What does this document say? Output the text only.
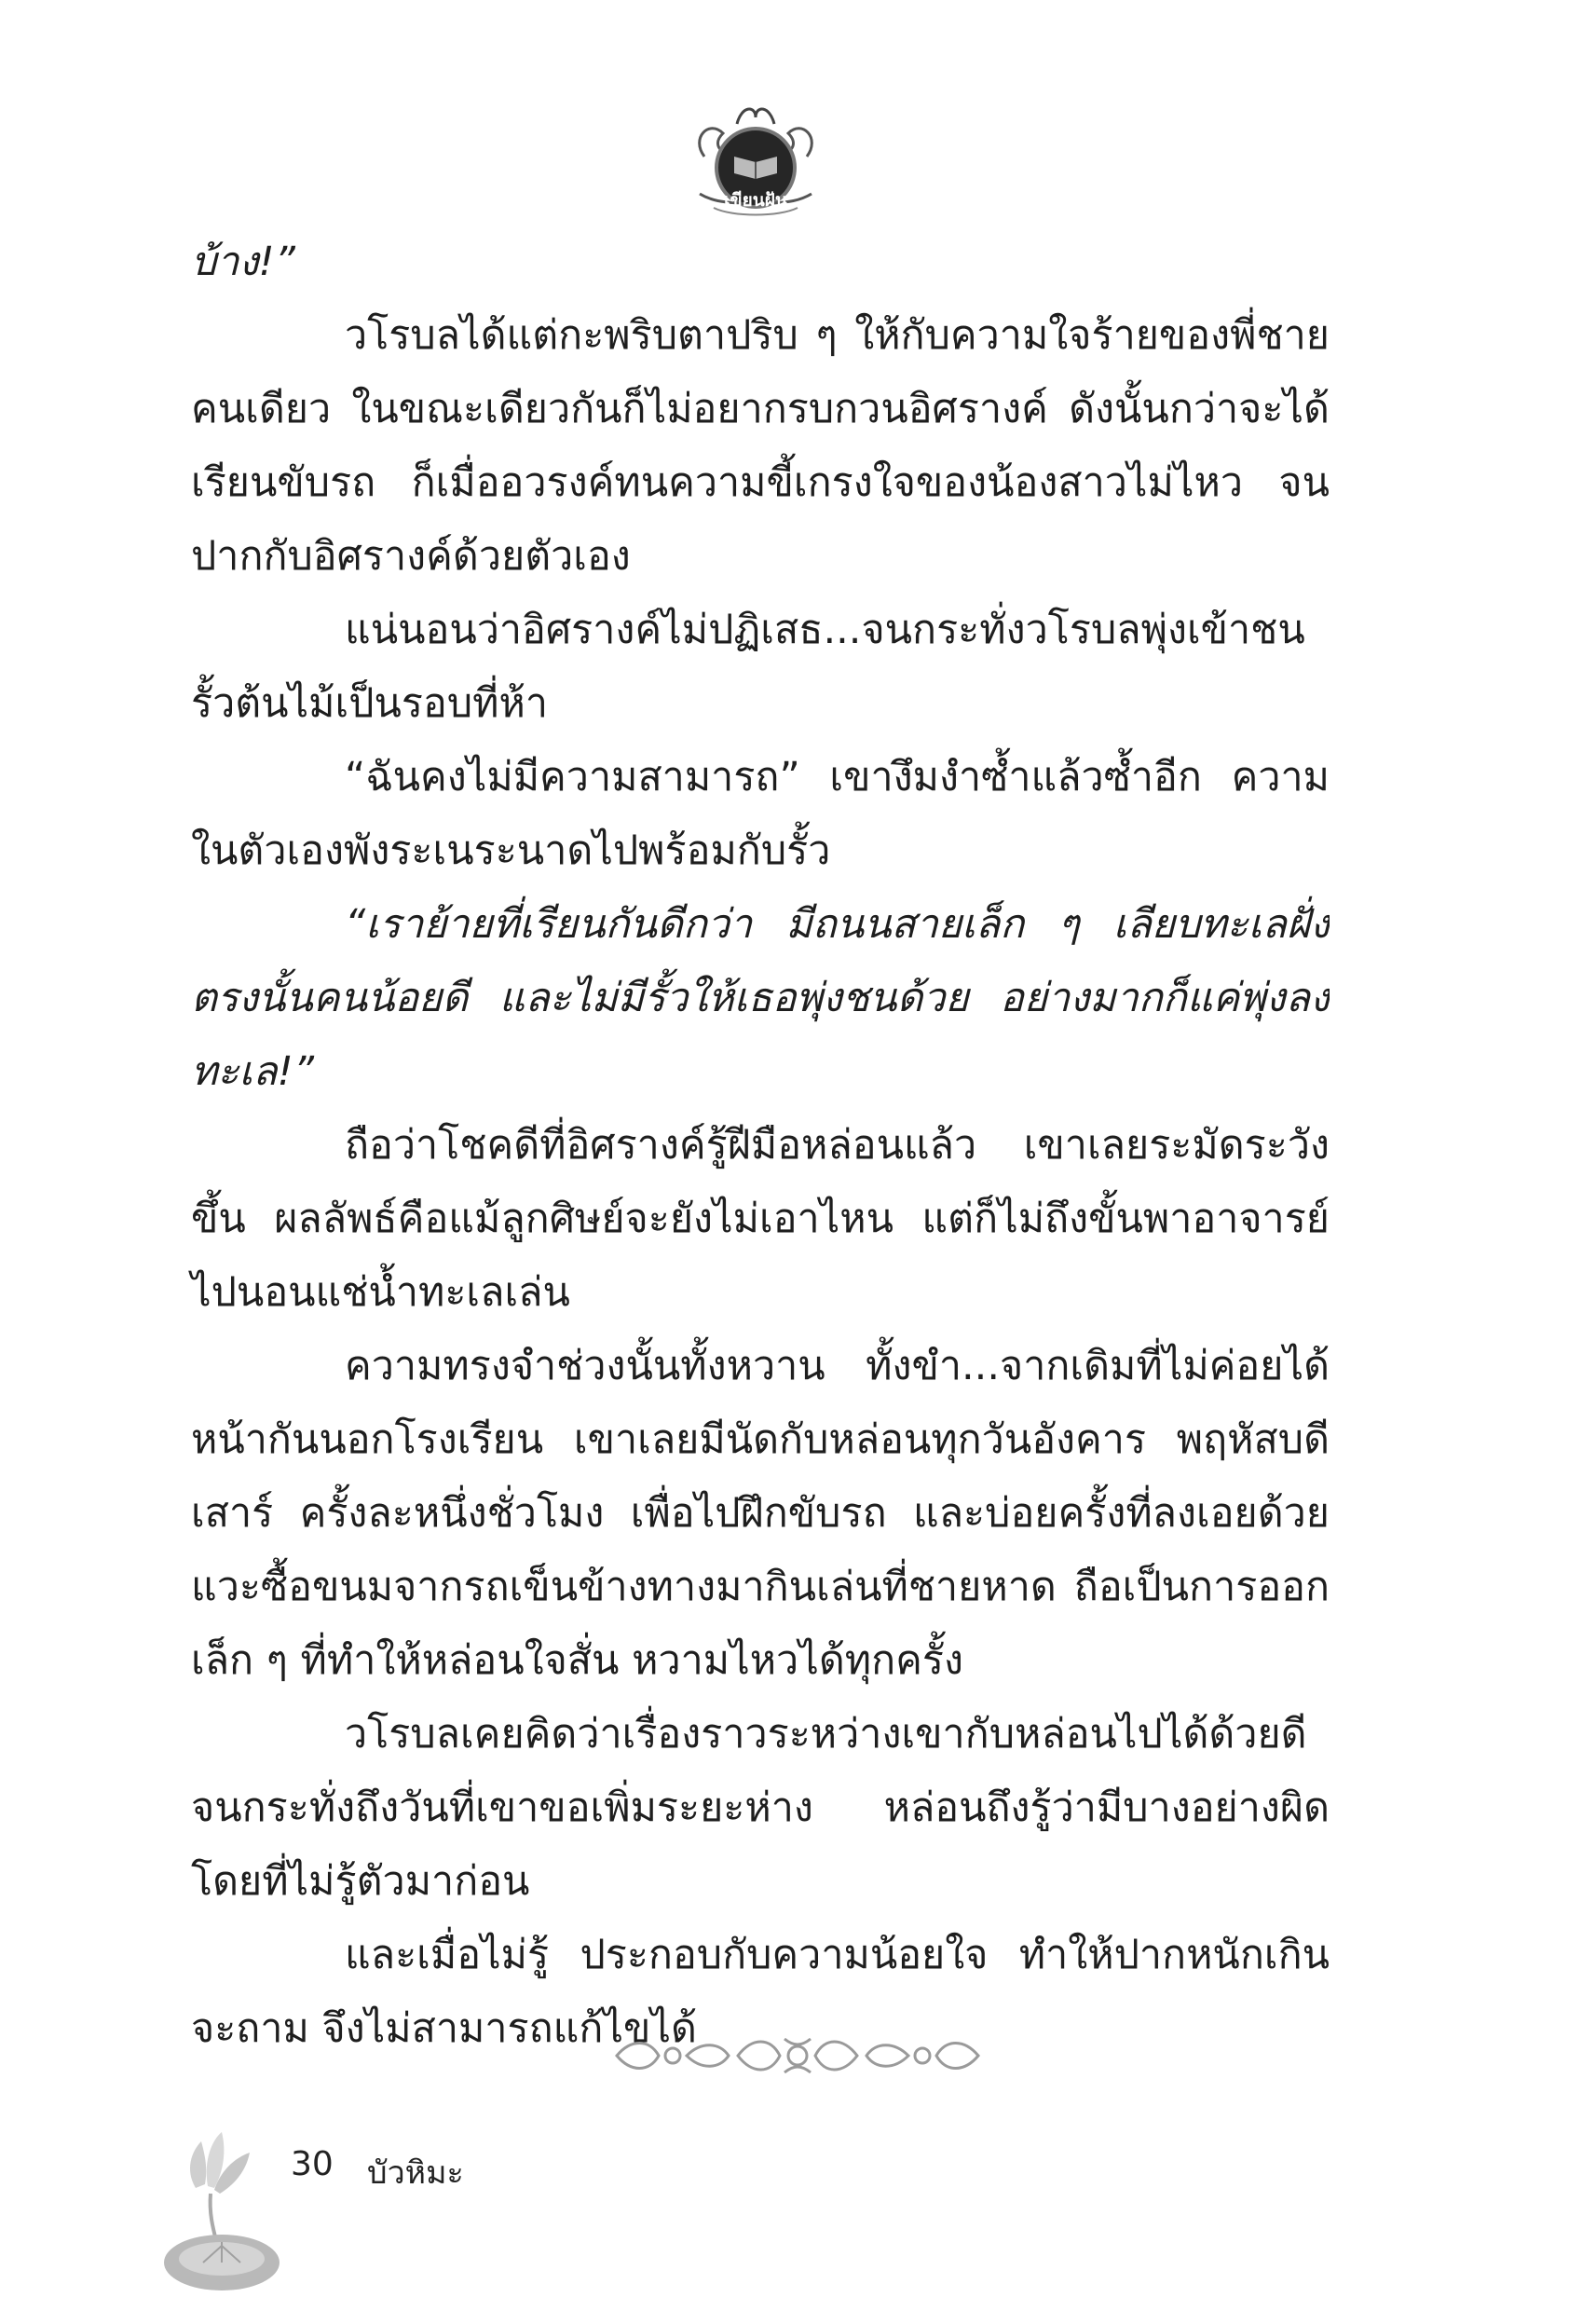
เขียนฝัน
บ้าง!”
วโรบลได้แต่กะพริบตาปริบ ๆ ให้กับความใจร้ายของพี่ชาย
คนเดียว ในขณะเดียวกันก็ไม่อยากรบกวนอิศรางค์ ดังนั้นกว่าจะได้
เรียนขับรถ ก็เมื่ออวรงค์ทนความขี้เกรงใจของน้องสาวไม่ไหว จน
ปากกับอิศรางค์ด้วยตัวเอง
แน่นอนว่าอิศรางค์ไม่ปฏิเสธ...จนกระทั่งวโรบลพุ่งเข้าชน
รั้วต้นไม้เป็นรอบที่ห้า
“ฉันคงไม่มีความสามารถ” เขางึมงำซ้ำแล้วซ้ำอีก ความ
ในตัวเองพังระเนระนาดไปพร้อมกับรั้ว
“เราย้ายที่เรียนกันดีกว่า มีถนนสายเล็ก ๆ เลียบทะเลฝั่ง
ตรงนั้นคนน้อยดี และไม่มีรั้วให้เธอพุ่งชนด้วย อย่างมากก็แค่พุ่งลง
ทะเล!”
ถือว่าโชคดีที่อิศรางค์รู้ฝีมือหล่อนแล้ว เขาเลยระมัดระวัง
ขึ้น ผลลัพธ์คือแม้ลูกศิษย์จะยังไม่เอาไหน แต่ก็ไม่ถึงขั้นพาอาจารย์
ไปนอนแช่น้ำทะเลเล่น
ความทรงจำช่วงนั้นทั้งหวาน ทั้งขำ...จากเดิมที่ไม่ค่อยได้
หน้ากันนอกโรงเรียน เขาเลยมีนัดกับหล่อนทุกวันอังคาร พฤหัสบดี
เสาร์ ครั้งละหนึ่งชั่วโมง เพื่อไปฝึกขับรถ และบ่อยครั้งที่ลงเอยด้วย
แวะซื้อขนมจากรถเข็นข้างทางมากินเล่นที่ชายหาด ถือเป็นการออก
เล็ก ๆ ที่ทำให้หล่อนใจสั่น หวามไหวได้ทุกครั้ง
วโรบลเคยคิดว่าเรื่องราวระหว่างเขากับหล่อนไปได้ด้วยดี
จนกระทั่งถึงวันที่เขาขอเพิ่มระยะห่าง หล่อนถึงรู้ว่ามีบางอย่างผิด
โดยที่ไม่รู้ตัวมาก่อน
และเมื่อไม่รู้ ประกอบกับความน้อยใจ ทำให้ปากหนักเกิน
จะถาม จึงไม่สามารถแก้ไขได้
30 บัวหิมะ
